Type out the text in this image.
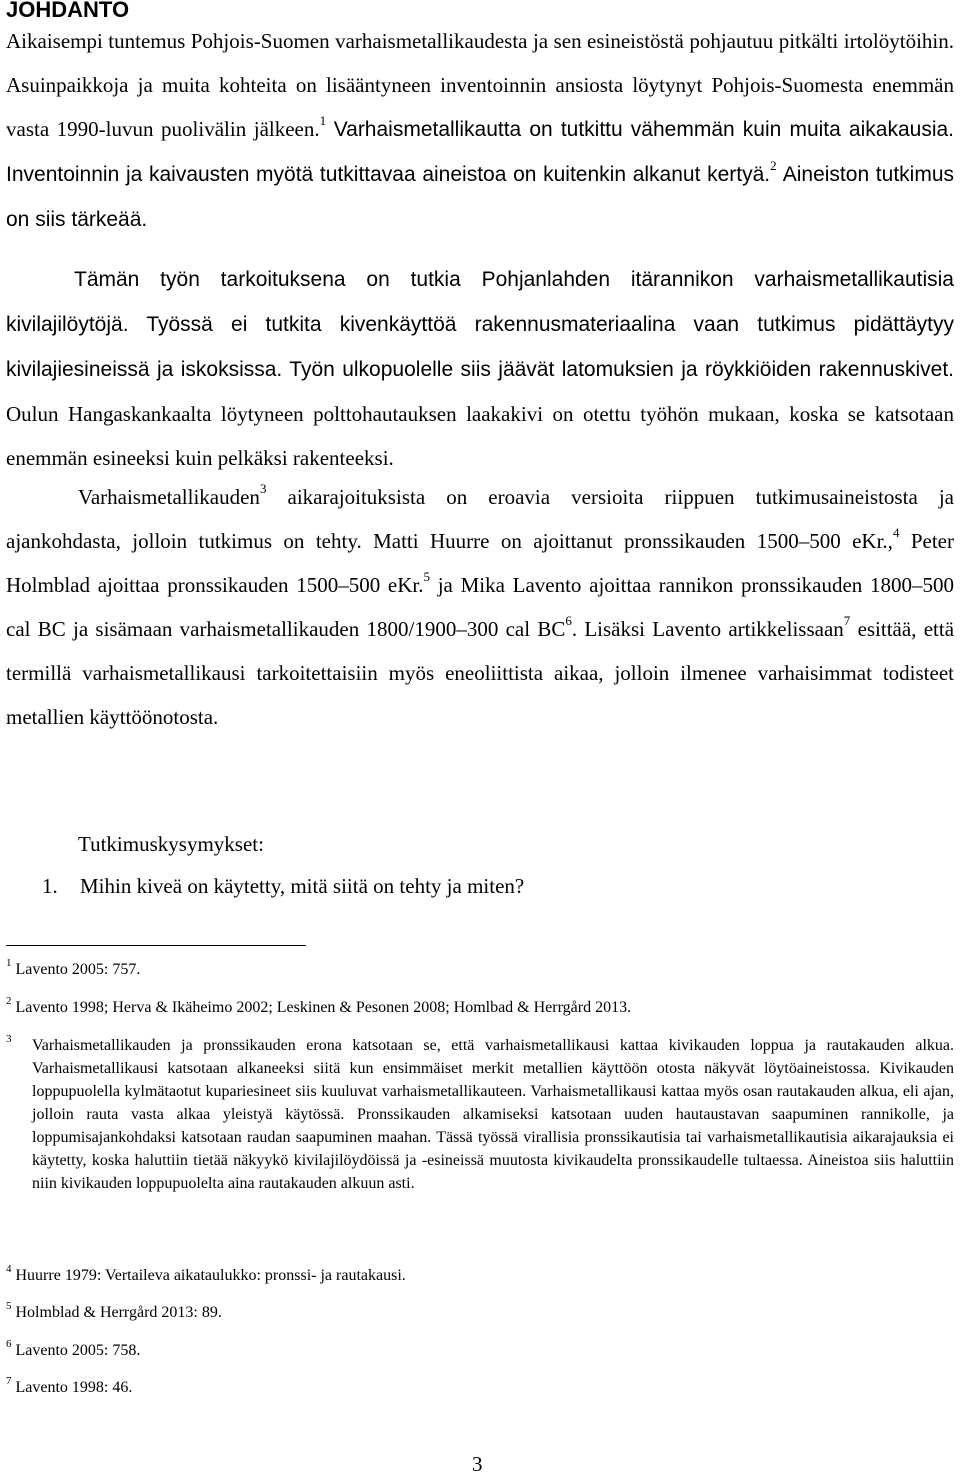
JOHDANTO
Aikaisempi tuntemus Pohjois-Suomen varhaismetallikaudesta ja sen esineistöstä pohjautuu pitkälti irtolöytöihin. Asuinpaikkoja ja muita kohteita on lisääntyneen inventoinnin ansiosta löytynyt Pohjois-Suomesta enemmän vasta 1990-luvun puolivälin jälkeen.$^1$ Varhaismetallikautta on tutkittu vähemmän kuin muita aikakausia. Inventoinnin ja kaivausten myötä tutkittavaa aineistoa on kuitenkin alkanut kertyä.$^2$ Aineiston tutkimus on siis tärkeää.
Tämän työn tarkoituksena on tutkia Pohjanlahden itärannikon varhaismetallikautisia kivilajilöytöjä. Työssä ei tutkita kivenkäyttöä rakennusmateriaalina vaan tutkimus pidättäytyy kivilajiesineissä ja iskoksissa. Työn ulkopuolelle siis jäävät latomuksien ja röykkiöiden rakennuskivet. Oulun Hangaskankaalta löytyneen polttohautauksen laakakivi on otettu työhön mukaan, koska se katsotaan enemmän esineeksi kuin pelkäksi rakenteeksi.
Varhaismetallikauden$^3$ aikarajoituksista on eroavia versioita riippuen tutkimusaineistosta ja ajankohdasta, jolloin tutkimus on tehty. Matti Huurre on ajoittanut pronssikauden 1500–500 eKr.,$^4$ Peter Holmblad ajoittaa pronssikauden 1500–500 eKr.$^5$ ja Mika Lavento ajoittaa rannikon pronssikauden 1800–500 cal BC ja sisämaan varhaismetallikauden 1800/1900–300 cal $BC^6$. Lisäksi Lavento artikkelissaan$^7$ esittää, että termillä varhaismetallikausi tarkoitettaisiin myös eneoliittista aikaa, jolloin ilmenee varhaisimmat todisteet metallien käyttöönotosta.
Tutkimuskysymykset:
1. Mihin kiveä on käytetty, mitä siitä on tehty ja miten?
$^1$ Lavento 2005: 757.
$^2$ Lavento 1998; Herva & Ikäheimo 2002; Leskinen & Pesonen 2008; Homlbad & Herrgård 2013.
$^3$ Varhaismetallikauden ja pronssikauden erona katsotaan se, että varhaismetallikausi kattaa kivikauden loppua ja rautakauden alkua. Varhaismetallikausi katsotaan alkaneeksi siitä kun ensimmäiset merkit metallien käyttöön otosta näkyvät löytöaineistossa. Kivikauden loppupuolella kylmätaotut kupariesineet siis kuuluvat varhaismetallikauteen. Varhaismetallikausi kattaa myös osan rautakauden alkua, eli ajan, jolloin rauta vasta alkaa yleistyä käytössä. Pronssikauden alkamiseksi katsotaan uuden hautaustavan saapuminen rannikolle, ja loppumisajankohdaksi katsotaan raudan saapuminen maahan. Tässä työssä virallisia pronssikautisia tai varhaismetallikautisia aikarajauksia ei käytetty, koska haluttiin tietää näkyykö kivilajilöydöissä ja -esineissä muutosta kivikaudelta pronssikaudelle tultaessa. Aineistoa siis haluttiin niin kivikauden loppupuolelta aina rautakauden alkuun asti.
$^4$ Huurre 1979: Vertaileva aikataulukko: pronssi- ja rautakausi.
$^5$ Holmblad & Herrgård 2013: 89.
$^6$ Lavento 2005: 758.
$^7$ Lavento 1998: 46.
3
